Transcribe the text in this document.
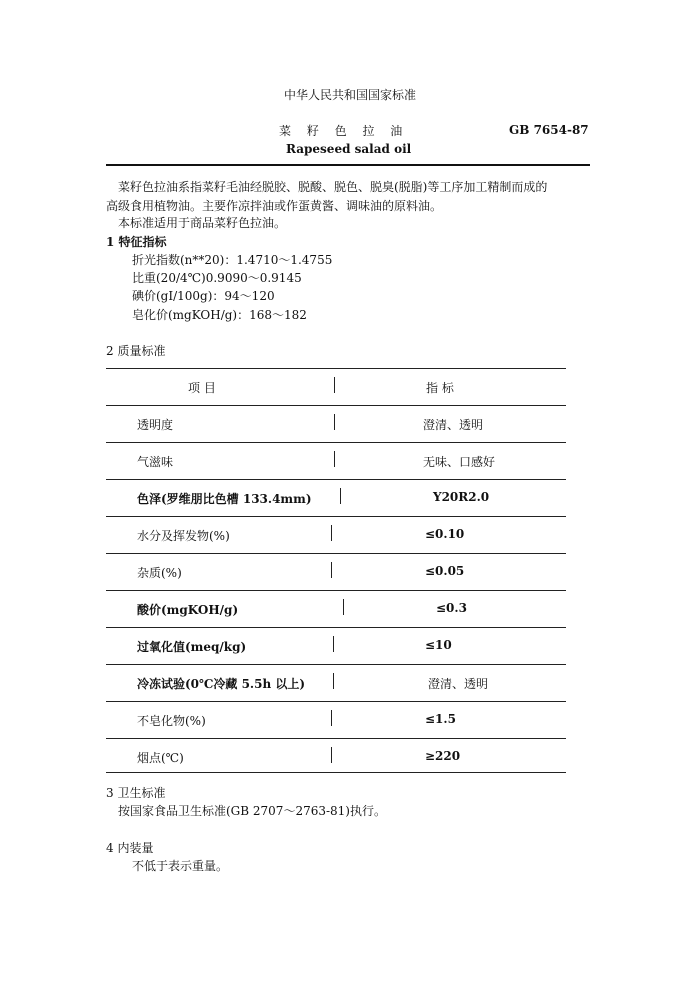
中华人民共和国国家标准
菜 籽 色 拉 油	GB 7654-87
Rapeseed salad oil
菜籽色拉油系指菜籽毛油经脱胶、脱酸、脱色、脱臭(脱脂)等工序加工精制而成的
高级食用植物油。主要作凉拌油或作蛋黄酱、调味油的原料油。
本标准适用于商品菜籽色拉油。
1 特征指标
折光指数(n**20)：1.4710～1.4755
比重(20/4℃)0.9090～0.9145
碘价(gI/100g)：94～120
皂化价(mgKOH/g)：168～182
2 质量标准
项 目	指 标
透明度	澄清、透明
气滋味	无味、口感好
色泽(罗维朋比色槽 133.4mm)	Y20R2.0
水分及挥发物(%)	≤0.10
杂质(%)	≤0.05
酸价(mgKOH/g)	≤0.3
过氧化值(meq/kg)	≤10
冷冻试验(0℃冷藏 5.5h 以上)	澄清、透明
不皂化物(%)	≤1.5
烟点(℃)	≥220
3 卫生标准
按国家食品卫生标准(GB 2707～2763-81)执行。
4 内装量
不低于表示重量。
